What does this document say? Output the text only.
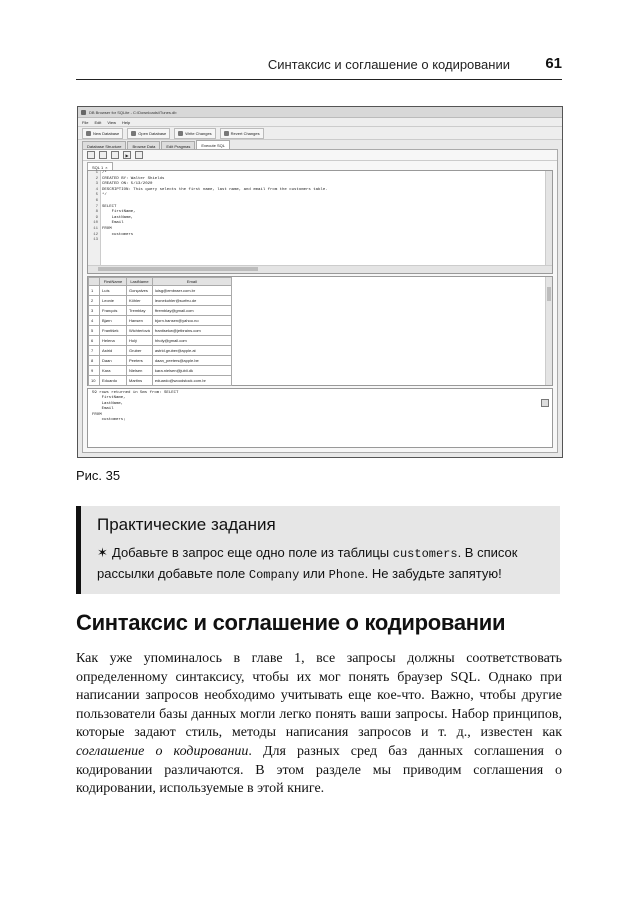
Синтаксис и соглашение о кодировании 61
DB Browser for SQLite - C:\Downloads\iTunes.db
File Edit View Help
New Database	Open Database	Write Changes	Revert Changes
Database Structure	Browse Data	Edit Pragmas	Execute SQL
▶
SQL 1 ×
1
2
3
4
5
6
7
8
9
10
11
12
13
/*
CREATED BY: Walter Shields
CREATED ON: 5/13/2020
DESCRIPTION: This query selects the first name, last name, and email from the customers table.
*/
SELECT
FirstName,
LastName,
Email
FROM
customers
	FirstName	LastName	Email
1	Luís	Gonçalves	luisg@embraer.com.br
2	Leonie	Köhler	leonekohler@surfeu.de
3	François	Tremblay	ftremblay@gmail.com
4	Bjørn	Hansen	bjorn.hansen@yahoo.no
5	František	Wichterlová	frantisekw@jetbrains.com
6	Helena	Holý	hholy@gmail.com
7	Astrid	Gruber	astrid.gruber@apple.at
8	Daan	Peeters	daan_peeters@apple.be
9	Kara	Nielsen	kara.nielsen@jubii.dk
10	Eduardo	Martins	eduardo@woodstock.com.br
59 rows returned in 5ms from: SELECT
FirstName,
LastName,
Email
FROM
customers;
Рис. 35
Практические задания
✶ Добавьте в запрос еще одно поле из таблицы customers. В список рассылки добавьте поле Company или Phone. Не забудьте запятую!
Синтаксис и соглашение о кодировании
Как уже упоминалось в главе 1, все запросы должны соответствовать определенному синтаксису, чтобы их мог понять браузер SQL. Однако при написании запросов необходимо учитывать еще кое-что. Важно, чтобы другие пользователи базы данных могли легко понять ваши запросы. Набор принципов, которые задают стиль, методы написания запросов и т. д., известен как соглашение о кодировании. Для разных сред баз данных соглашения о кодировании различаются. В этом разделе мы приводим соглашения о кодировании, используемые в этой книге.
